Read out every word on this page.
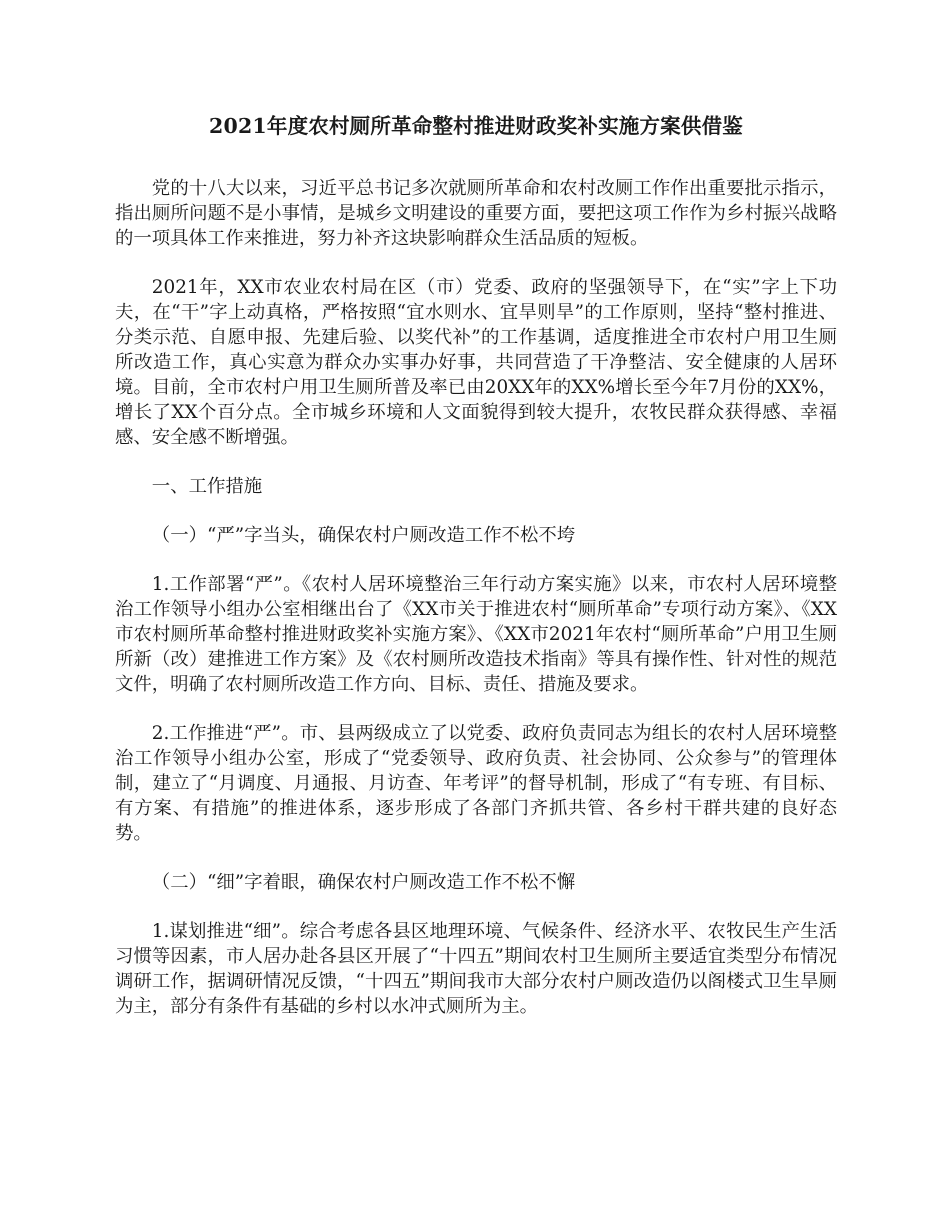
2021年度农村厕所革命整村推进财政奖补实施方案供借鉴

党的十八大以来，习近平总书记多次就厕所革命和农村改厕工作作出重要批示指示，指出厕所问题不是小事情，是城乡文明建设的重要方面，要把这项工作作为乡村振兴战略的一项具体工作来推进，努力补齐这块影响群众生活品质的短板。

2021年，XX市农业农村局在区（市）党委、政府的坚强领导下，在“实”字上下功夫，在“干”字上动真格，严格按照“宜水则水、宜旱则旱”的工作原则，坚持“整村推进、分类示范、自愿申报、先建后验、以奖代补”的工作基调，适度推进全市农村户用卫生厕所改造工作，真心实意为群众办实事办好事，共同营造了干净整洁、安全健康的人居环境。目前，全市农村户用卫生厕所普及率已由20XX年的XX%增长至今年7月份的XX%，增长了XX个百分点。全市城乡环境和人文面貌得到较大提升，农牧民群众获得感、幸福感、安全感不断增强。

一、工作措施

（一）“严”字当头，确保农村户厕改造工作不松不垮

1.工作部署“严”。《农村人居环境整治三年行动方案实施》以来，市农村人居环境整治工作领导小组办公室相继出台了《XX市关于推进农村“厕所革命”专项行动方案》、《XX市农村厕所革命整村推进财政奖补实施方案》、《XX市2021年农村“厕所革命”户用卫生厕所新（改）建推进工作方案》及《农村厕所改造技术指南》等具有操作性、针对性的规范文件，明确了农村厕所改造工作方向、目标、责任、措施及要求。

2.工作推进“严”。市、县两级成立了以党委、政府负责同志为组长的农村人居环境整治工作领导小组办公室，形成了“党委领导、政府负责、社会协同、公众参与”的管理体制，建立了“月调度、月通报、月访查、年考评”的督导机制，形成了“有专班、有目标、有方案、有措施”的推进体系，逐步形成了各部门齐抓共管、各乡村干群共建的良好态势。

（二）“细”字着眼，确保农村户厕改造工作不松不懈

1.谋划推进“细”。综合考虑各县区地理环境、气候条件、经济水平、农牧民生产生活习惯等因素，市人居办赴各县区开展了“十四五”期间农村卫生厕所主要适宜类型分布情况调研工作，据调研情况反馈，“十四五”期间我市大部分农村户厕改造仍以阁楼式卫生旱厕为主，部分有条件有基础的乡村以水冲式厕所为主。
